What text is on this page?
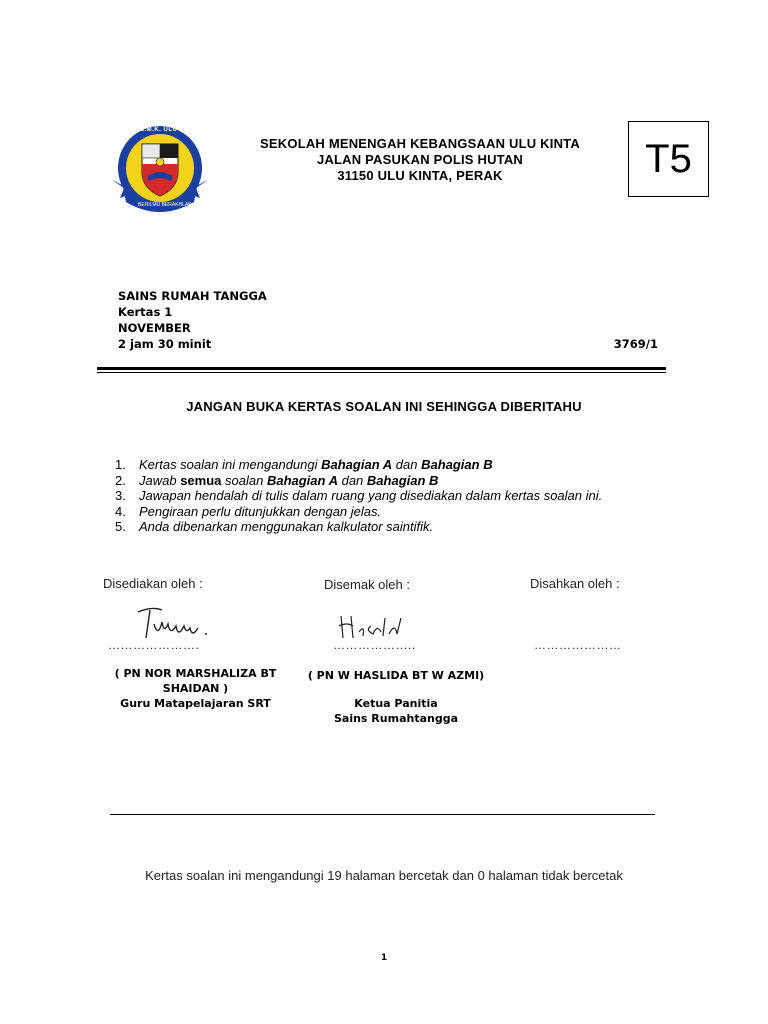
S.M.K. ULU KINTA
BERILMU BERAKHLAK
SEKOLAH MENENGAH KEBANGSAAN ULU KINTA
JALAN PASUKAN POLIS HUTAN
31150 ULU KINTA, PERAK	T5
SAINS RUMAH TANGGA
Kertas 1
NOVEMBER
2 jam 30 minit	3769/1
JANGAN BUKA KERTAS SOALAN INI SEHINGGA DIBERITAHU
1.	Kertas soalan ini mengandungi Bahagian A dan Bahagian B
2.	Jawab semua soalan Bahagian A dan Bahagian B
3.	Jawapan hendalah di tulis dalam ruang yang disediakan dalam kertas soalan ini.
4.	Pengiraan perlu ditunjukkan dengan jelas.
5.	Anda dibenarkan menggunakan kalkulator saintifik.
Disediakan oleh :
………………….
( PN NOR MARSHALIZA BT
SHAIDAN )
Guru Matapelajaran SRT
Disemak oleh :
………………..
( PN W HASLIDA BT W AZMI)
Ketua Panitia
Sains Rumahtangga
Disahkan oleh :
…………………
Kertas soalan ini mengandungi 19 halaman bercetak dan 0 halaman tidak bercetak
1
